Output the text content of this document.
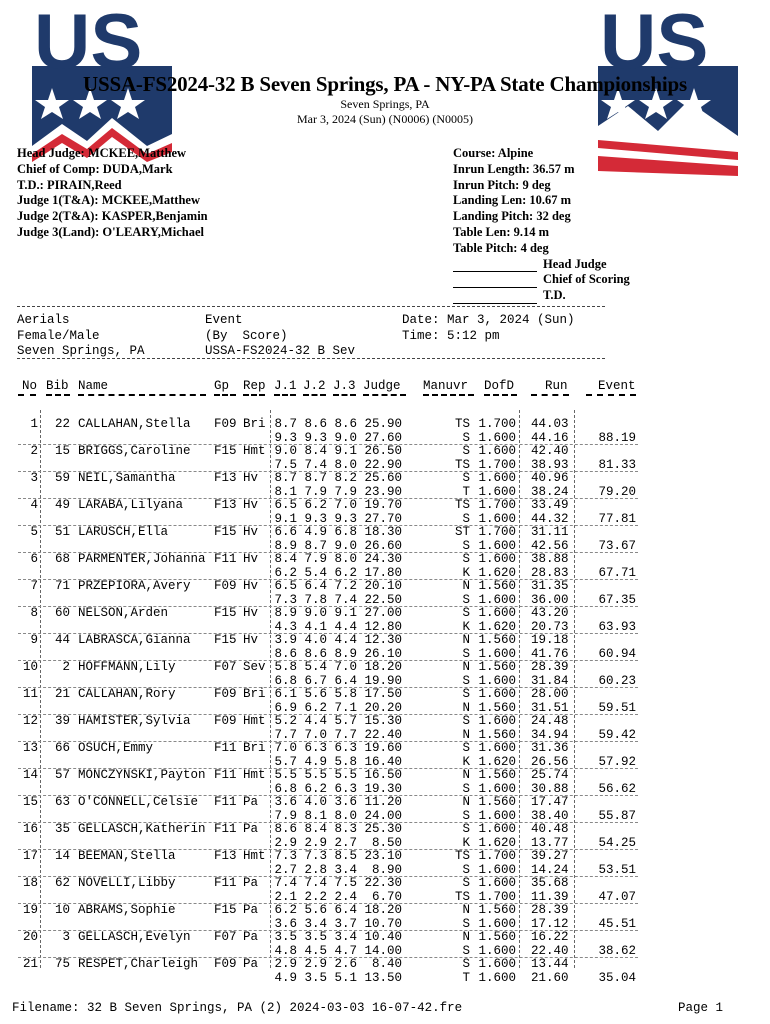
US	US
USSA-FS2024-32 B Seven Springs, PA - NY-PA State Championships
Seven Springs, PA
Mar 3, 2024 (Sun) (N0006) (N0005)
Head Judge: MCKEE,Matthew
Chief of Comp: DUDA,Mark
T.D.: PIRAIN,Reed
Judge 1(T&A): MCKEE,Matthew
Judge 2(T&A): KASPER,Benjamin
Judge 3(Land): O'LEARY,Michael
Course: Alpine
Inrun Length: 36.57 m
Inrun Pitch: 9 deg
Landing Len: 10.67 m
Landing Pitch: 32 deg
Table Len: 9.14 m
Table Pitch: 4 deg
Head Judge
Chief of Scoring
T.D.
Aerials
Female/Male
Seven Springs, PA
Event
(By  Score)
USSA-FS2024-32 B Sev
Date: Mar 3, 2024 (Sun)
Time: 5:12 pm
No Bib Name	Gp Rep J.1 J.2 J.3 Judge Manuvr DofD Run Event
1	22 CALLAHAN,Stella F09 Bri 8.7 8.6 8.6 25.90	TS 1.700 44.03
9.3 9.3 9.0 27.60	S 1.600 44.16	88.19
2	15 BRIGGS,Caroline F15 Hmt 9.0 8.4 9.1 26.50	S 1.600 42.40
7.5 7.4 8.0 22.90	TS 1.700 38.93	81.33
3	59 NEIL,Samantha	F13 Hv	8.7 8.7 8.2 25.60	S 1.600 40.96
8.1 7.9 7.9 23.90	T 1.600 38.24	79.20
4	49 LARABA,Lilyana F13 Hv	6.5 6.2 7.0 19.70	TS 1.700 33.49
9.1 9.3 9.3 27.70	S 1.600 44.32	77.81
5	51 LARUSCH,Ella	F15 Hv	6.6 4.9 6.8 18.30	ST 1.700 31.11
8.9 8.7 9.0 26.60	S 1.600 42.56	73.67
6	68 PARMENTER,Johanna F11 Hv	8.4 7.9 8.0 24.30	S 1.600 38.88
6.2 5.4 6.2 17.80	K 1.620 28.83	67.71
7	71 PRZEPIORA,Avery F09 Hv	6.5 6.4 7.2 20.10	N 1.560 31.35
7.3 7.8 7.4 22.50	S 1.600 36.00	67.35
8	60 NELSON,Arden	F15 Hv	8.9 9.0 9.1 27.00	S 1.600 43.20
4.3 4.1 4.4 12.80	K 1.620 20.73	63.93
9	44 LABRASCA,Gianna F15 Hv	3.9 4.0 4.4 12.30	N 1.560 19.18
8.6 8.6 8.9 26.10	S 1.600 41.76	60.94
10	2 HOFFMANN,Lily	F07 Sev 5.8 5.4 7.0 18.20	N 1.560 28.39
6.8 6.7 6.4 19.90	S 1.600 31.84	60.23
11	21 CALLAHAN,Rory	F09 Bri 6.1 5.6 5.8 17.50	S 1.600 28.00
6.9 6.2 7.1 20.20	N 1.560 31.51	59.51
12	39 HAMISTER,Sylvia F09 Hmt 5.2 4.4 5.7 15.30	S 1.600 24.48
7.7 7.0 7.7 22.40	N 1.560 34.94	59.42
13	66 OSUCH,Emmy	F11 Bri 7.0 6.3 6.3 19.60	S 1.600 31.36
5.7 4.9 5.8 16.40	K 1.620 26.56	57.92
14	57 MONCZYNSKI,Payton F11 Hmt 5.5 5.5 5.5 16.50	N 1.560 25.74
6.8 6.2 6.3 19.30	S 1.600 30.88	56.62
15	63 O'CONNELL,Celsie F11 Pa	3.6 4.0 3.6 11.20	N 1.560 17.47
7.9 8.1 8.0 24.00	S 1.600 38.40	55.87
16	35 GELLASCH,Katherin F11 Pa	8.6 8.4 8.3 25.30	S 1.600 40.48
2.9 2.9 2.7	8.50	K 1.620 13.77	54.25
17	14 BEEMAN,Stella	F13 Hmt 7.3 7.3 8.5 23.10	TS 1.700 39.27
2.7 2.8 3.4	8.90	S 1.600 14.24	53.51
18	62 NOVELLI,Libby	F11 Pa	7.4 7.4 7.5 22.30	S 1.600 35.68
2.1 2.2 2.4	6.70	TS 1.700 11.39	47.07
19	10 ABRAMS,Sophie	F15 Pa	6.2 5.6 6.4 18.20	N 1.560 28.39
3.6 3.4 3.7 10.70	S 1.600 17.12	45.51
20	3 GELLASCH,Evelyn F07 Pa	3.5 3.5 3.4 10.40	N 1.560 16.22
4.8 4.5 4.7 14.00	S 1.600 22.40	38.62
21	75 RESPET,Charleigh F09 Pa	2.9 2.9 2.6	8.40	S 1.600 13.44
4.9 3.5 5.1 13.50	T 1.600 21.60	35.04
Filename: 32 B Seven Springs, PA (2) 2024-03-03 16-07-42.fre	Page 1
